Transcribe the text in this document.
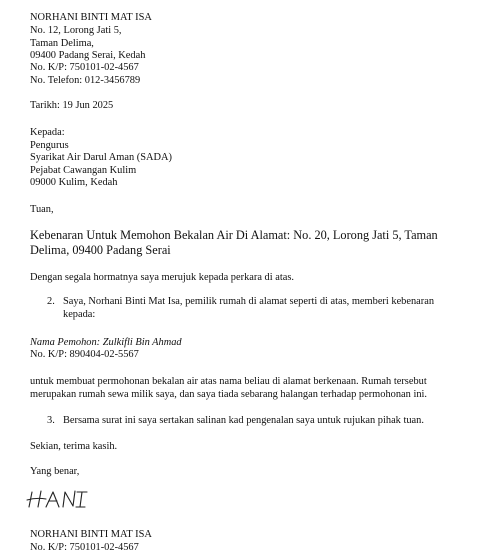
NORHANI BINTI MAT ISA
No. 12, Lorong Jati 5,
Taman Delima,
09400 Padang Serai, Kedah
No. K/P: 750101-02-4567
No. Telefon: 012-3456789
Tarikh: 19 Jun 2025
Kepada:
Pengurus
Syarikat Air Darul Aman (SADA)
Pejabat Cawangan Kulim
09000 Kulim, Kedah
Tuan,
Kebenaran Untuk Memohon Bekalan Air Di Alamat: No. 20, Lorong Jati 5, Taman Delima, 09400 Padang Serai
Dengan segala hormatnya saya merujuk kepada perkara di atas.
2. Saya, Norhani Binti Mat Isa, pemilik rumah di alamat seperti di atas, memberi kebenaran kepada:
Nama Pemohon: Zulkifli Bin Ahmad
No. K/P: 890404-02-5567
untuk membuat permohonan bekalan air atas nama beliau di alamat berkenaan. Rumah tersebut merupakan rumah sewa milik saya, dan saya tiada sebarang halangan terhadap permohonan ini.
3. Bersama surat ini saya sertakan salinan kad pengenalan saya untuk rujukan pihak tuan.
Sekian, terima kasih.
Yang benar,
NORHANI BINTI MAT ISA
No. K/P: 750101-02-4567
